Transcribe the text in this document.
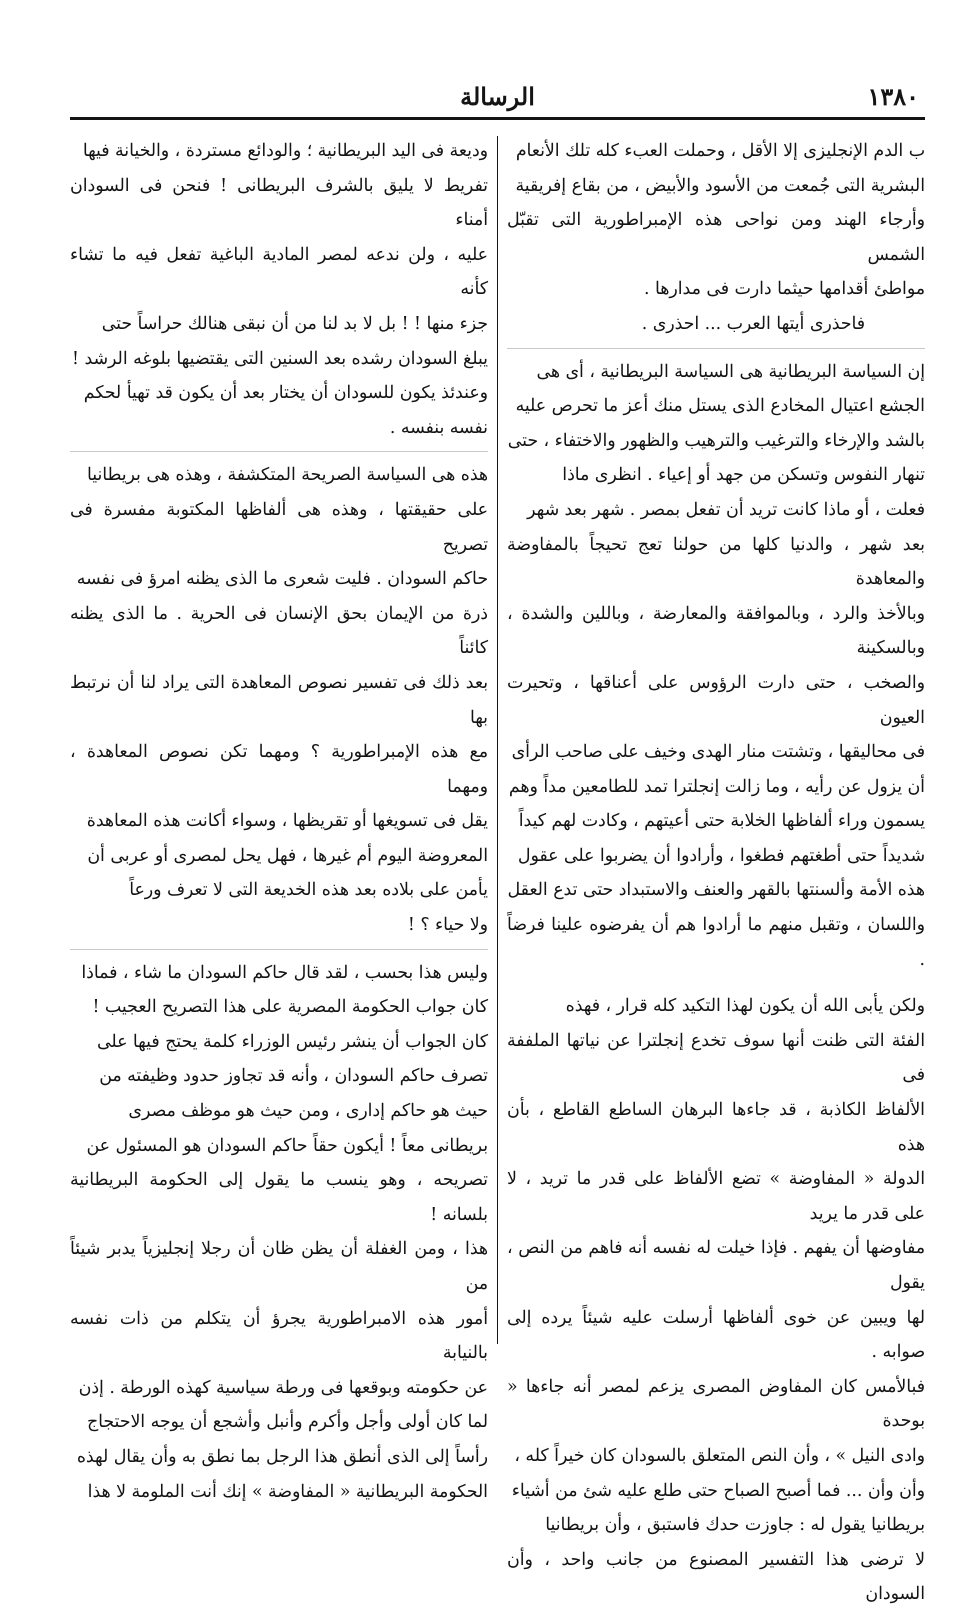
١٣٨٠
الرسالة

ب الدم الإنجليزى إلا الأقل ، وحملت العبء كله تلك الأنعام
البشرية التى جُمعت من الأسود والأبيض ، من بقاع إفريقية
وأرجاء الهند ومن نواحى هذه الإمبراطورية التى تقبّل الشمس
مواطئ أقدامها حيثما دارت فى مدارها .

فاحذرى أيتها العرب ... احذرى .

إن السياسة البريطانية هى السياسة البريطانية ، أى هى
الجشع اعتيال المخادع الذى يستل منك أعز ما تحرص عليه
بالشد والإرخاء والترغيب والترهيب والظهور والاختفاء ، حتى
تنهار النفوس وتسكن من جهد أو إعياء . انظرى ماذا
فعلت ، أو ماذا كانت تريد أن تفعل بمصر . شهر بعد شهر
بعد شهر ، والدنيا كلها من حولنا تعج تحيجاً بالمفاوضة والمعاهدة
وبالأخذ والرد ، وبالموافقة والمعارضة ، وباللين والشدة ، وبالسكينة
والصخب ، حتى دارت الرؤوس على أعناقها ، وتحيرت العيون
فى محاليقها ، وتشتت منار الهدى وخيف على صاحب الرأى
أن يزول عن رأيه ، وما زالت إنجلترا تمد للطامعين مداً وهم
يسمون وراء ألفاظها الخلابة حتى أعيتهم ، وكادت لهم كيداً
شديداً حتى أطغتهم فطغوا ، وأرادوا أن يضربوا على عقول
هذه الأمة وألسنتها بالقهر والعنف والاستبداد حتى تدع العقل
واللسان ، وتقبل منهم ما أرادوا هم أن يفرضوه علينا فرضاً .

ولكن يأبى الله أن يكون لهذا التكيد كله قرار ، فهذه
الفئة التى ظنت أنها سوف تخدع إنجلترا عن نياتها الملففة فى
الألفاظ الكاذبة ، قد جاءها البرهان الساطع القاطع ، بأن هذه
الدولة « المفاوضة » تضع الألفاظ على قدر ما تريد ، لا على قدر ما يريد
مفاوضها أن يفهم . فإذا خيلت له نفسه أنه فاهم من النص ، يقول
لها ويبين عن خوى ألفاظها أرسلت عليه شيئاً يرده إلى صوابه .
فبالأمس كان المفاوض المصرى يزعم لمصر أنه جاءها « بوحدة
وادى النيل » ، وأن النص المتعلق بالسودان كان خيراً كله ،
وأن وأن ... فما أصبح الصباح حتى طلع عليه شئ من أشياء
بريطانيا يقول له : جاوزت حدك فاستبق ، وأن بريطانيا
لا ترضى هذا التفسير المصنوع من جانب واحد ، وأن السودان

وديعة فى اليد البريطانية ؛ والودائع مستردة ، والخيانة فيها
تفريط لا يليق بالشرف البريطانى ! فنحن فى السودان أمناء
عليه ، ولن ندعه لمصر المادية الباغية تفعل فيه ما تشاء كأنه
جزء منها ! ! بل لا بد لنا من أن نبقى هنالك حراساً حتى
يبلغ السودان رشده بعد السنين التى يقتضيها بلوغه الرشد !
وعندئذ يكون للسودان أن يختار بعد أن يكون قد تهيأ لحكم
نفسه بنفسه .

هذه هى السياسة الصريحة المتكشفة ، وهذه هى بريطانيا
على حقيقتها ، وهذه هى ألفاظها المكتوبة مفسرة فى تصريح
حاكم السودان . فليت شعرى ما الذى يظنه امرؤ فى نفسه
ذرة من الإيمان بحق الإنسان فى الحرية . ما الذى يظنه كائناً
بعد ذلك فى تفسير نصوص المعاهدة التى يراد لنا أن نرتبط بها
مع هذه الإمبراطورية ؟ ومهما تكن نصوص المعاهدة ، ومهما
يقل فى تسويغها أو تقريظها ، وسواء أكانت هذه المعاهدة
المعروضة اليوم أم غيرها ، فهل يحل لمصرى أو عربى أن
يأمن على بلاده بعد هذه الخديعة التى لا تعرف ورعاً
ولا حياء ؟ !

وليس هذا بحسب ، لقد قال حاكم السودان ما شاء ، فماذا
كان جواب الحكومة المصرية على هذا التصريح العجيب !
كان الجواب أن ينشر رئيس الوزراء كلمة يحتج فيها على
تصرف حاكم السودان ، وأنه قد تجاوز حدود وظيفته من
حيث هو حاكم إدارى ، ومن حيث هو موظف مصرى
بريطانى معاً ! أيكون حقاً حاكم السودان هو المسئول عن
تصريحه ، وهو ينسب ما يقول إلى الحكومة البريطانية بلسانه !
هذا ، ومن الغفلة أن يظن ظان أن رجلا إنجليزياً يدبر شيئاً من
أمور هذه الامبراطورية يجرؤ أن يتكلم من ذات نفسه بالنيابة
عن حكومته وبوقعها فى ورطة سياسية كهذه الورطة . إذن
لما كان أولى وأجل وأكرم وأنبل وأشجع أن يوجه الاحتجاج
رأساً إلى الذى أنطق هذا الرجل بما نطق به وأن يقال لهذه
الحكومة البريطانية « المفاوضة » إنك أنت الملومة لا هذا
